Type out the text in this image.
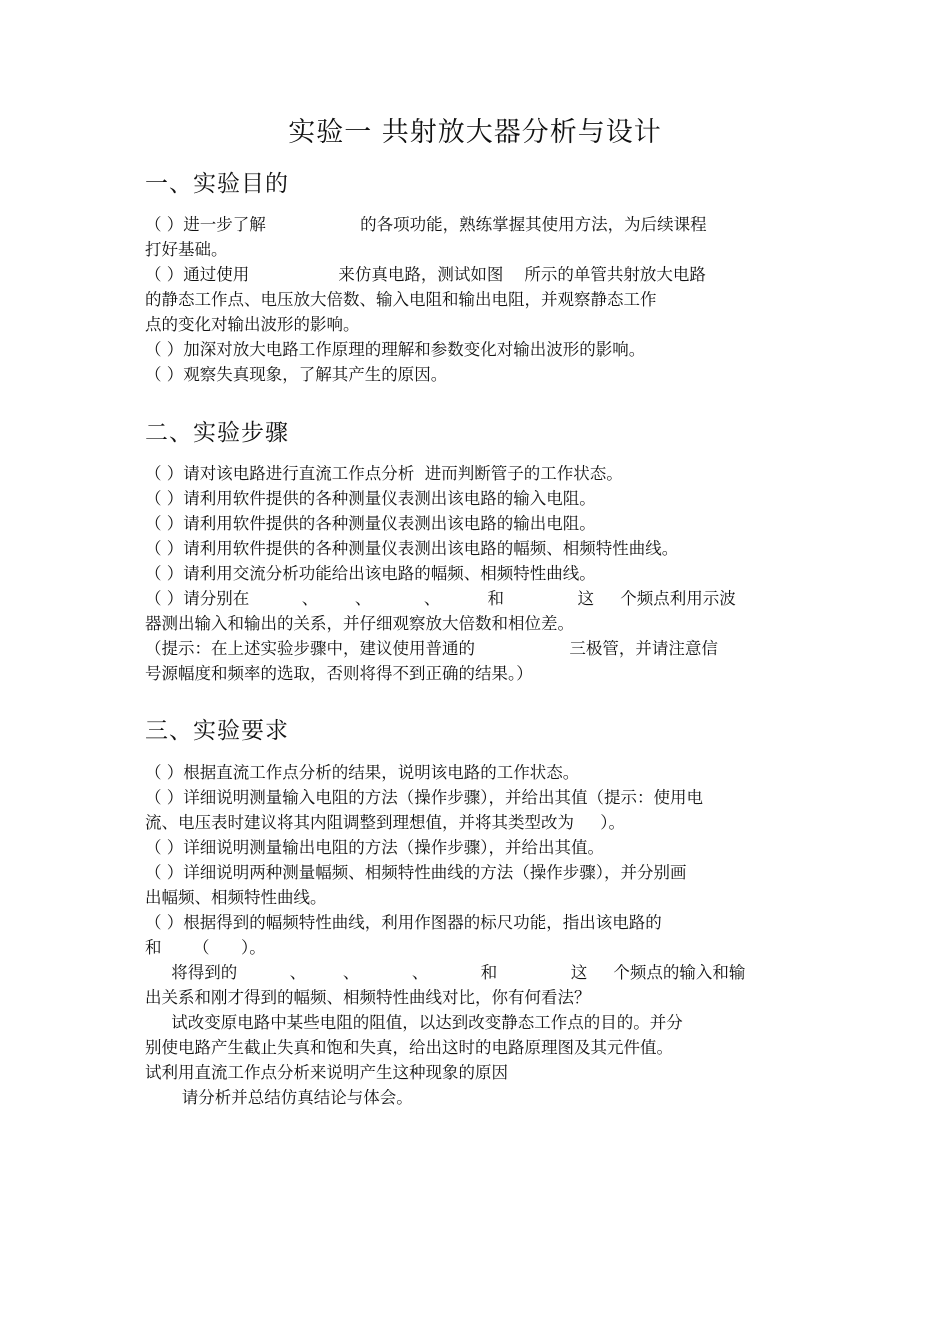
实验一 共射放大器分析与设计
一、实验目的
（ ）进一步了解                  的各项功能，熟练掌握其使用方法，为后续课程
打好基础。
（ ）通过使用                 来仿真电路，测试如图    所示的单管共射放大电路
的静态工作点、电压放大倍数、输入电阻和输出电阻，并观察静态工作
点的变化对输出波形的影响。
（ ）加深对放大电路工作原理的理解和参数变化对输出波形的影响。
（ ）观察失真现象，了解其产生的原因。
二、实验步骤
（ ）请对该电路进行直流工作点分析  进而判断管子的工作状态。
（ ）请利用软件提供的各种测量仪表测出该电路的输入电阻。
（ ）请利用软件提供的各种测量仪表测出该电路的输出电阻。
（ ）请利用软件提供的各种测量仪表测出该电路的幅频、相频特性曲线。
（ ）请利用交流分析功能给出该电路的幅频、相频特性曲线。
（ ）请分别在          、       、          、         和              这     个频点利用示波
器测出输入和输出的关系，并仔细观察放大倍数和相位差。
（提示：在上述实验步骤中，建议使用普通的                  三极管，并请注意信
号源幅度和频率的选取，否则将得不到正确的结果。）
三、实验要求
（ ）根据直流工作点分析的结果，说明该电路的工作状态。
（ ）详细说明测量输入电阻的方法（操作步骤），并给出其值（提示：使用电
流、电压表时建议将其内阻调整到理想值，并将其类型改为     ）。
（ ）详细说明测量输出电阻的方法（操作步骤），并给出其值。
（ ）详细说明两种测量幅频、相频特性曲线的方法（操作步骤），并分别画
出幅频、相频特性曲线。
（ ）根据得到的幅频特性曲线，利用作图器的标尺功能，指出该电路的
和      （      ）。
将得到的          、       、          、          和              这     个频点的输入和输
出关系和刚才得到的幅频、相频特性曲线对比，你有何看法？
试改变原电路中某些电阻的阻值，以达到改变静态工作点的目的。并分
别使电路产生截止失真和饱和失真，给出这时的电路原理图及其元件值。
试利用直流工作点分析来说明产生这种现象的原因
请分析并总结仿真结论与体会。
